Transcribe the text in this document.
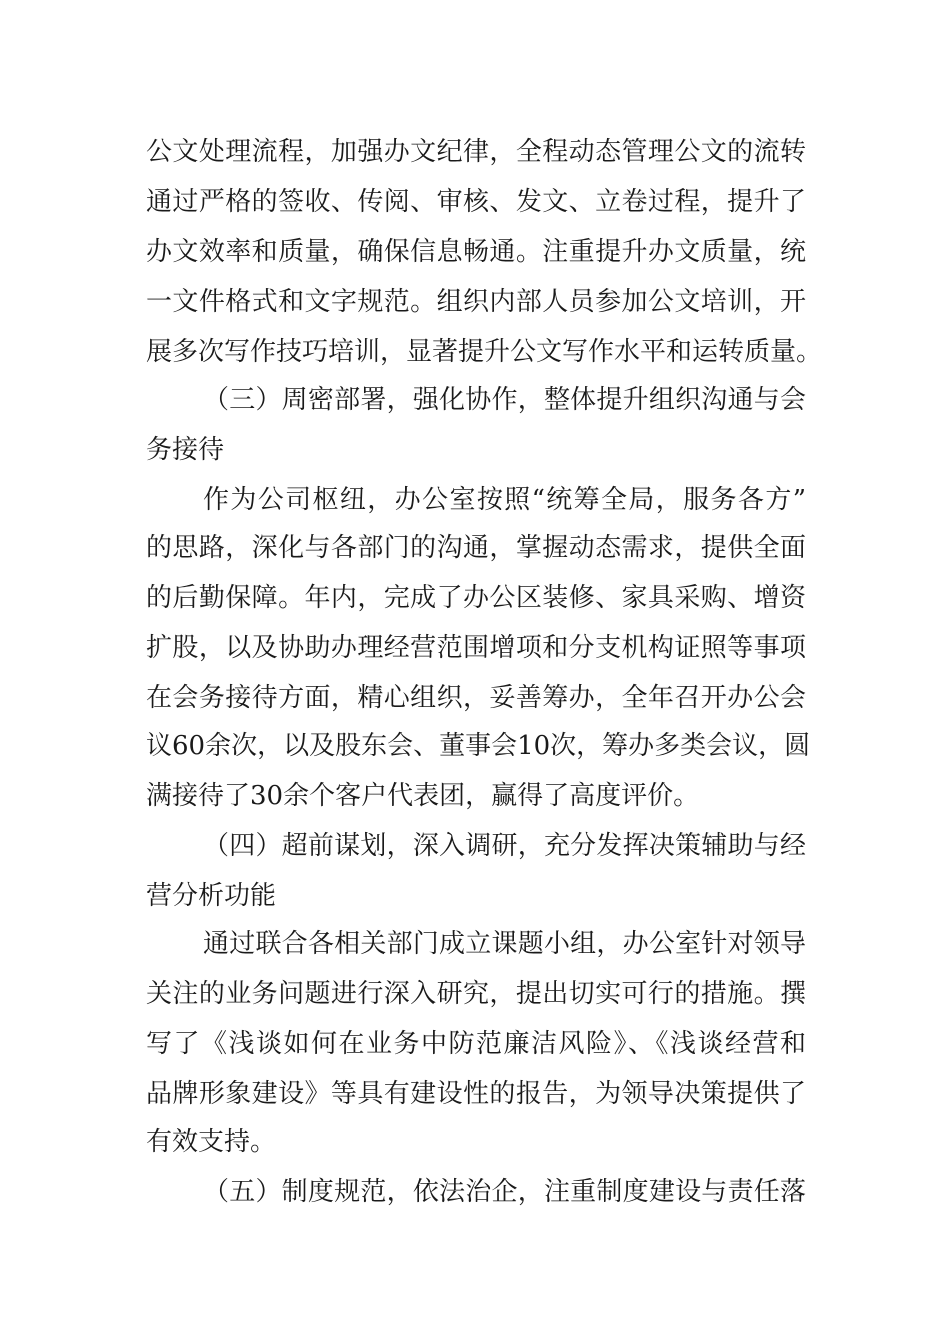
公文处理流程，加强办文纪律，全程动态管理公文的流转
通过严格的签收、传阅、审核、发文、立卷过程，提升了
办文效率和质量，确保信息畅通。注重提升办文质量，统
一文件格式和文字规范。组织内部人员参加公文培训，开
展多次写作技巧培训，显著提升公文写作水平和运转质量。
（三）周密部署，强化协作，整体提升组织沟通与会
务接待
作为公司枢纽，办公室按照“统筹全局，服务各方”
的思路，深化与各部门的沟通，掌握动态需求，提供全面
的后勤保障。年内，完成了办公区装修、家具采购、增资
扩股，以及协助办理经营范围增项和分支机构证照等事项
在会务接待方面，精心组织，妥善筹办，全年召开办公会
议60余次，以及股东会、董事会10次，筹办多类会议，圆
满接待了30余个客户代表团，赢得了高度评价。
（四）超前谋划，深入调研，充分发挥决策辅助与经
营分析功能
通过联合各相关部门成立课题小组，办公室针对领导
关注的业务问题进行深入研究，提出切实可行的措施。撰
写了《浅谈如何在业务中防范廉洁风险》、《浅谈经营和
品牌形象建设》等具有建设性的报告，为领导决策提供了
有效支持。
（五）制度规范，依法治企，注重制度建设与责任落
